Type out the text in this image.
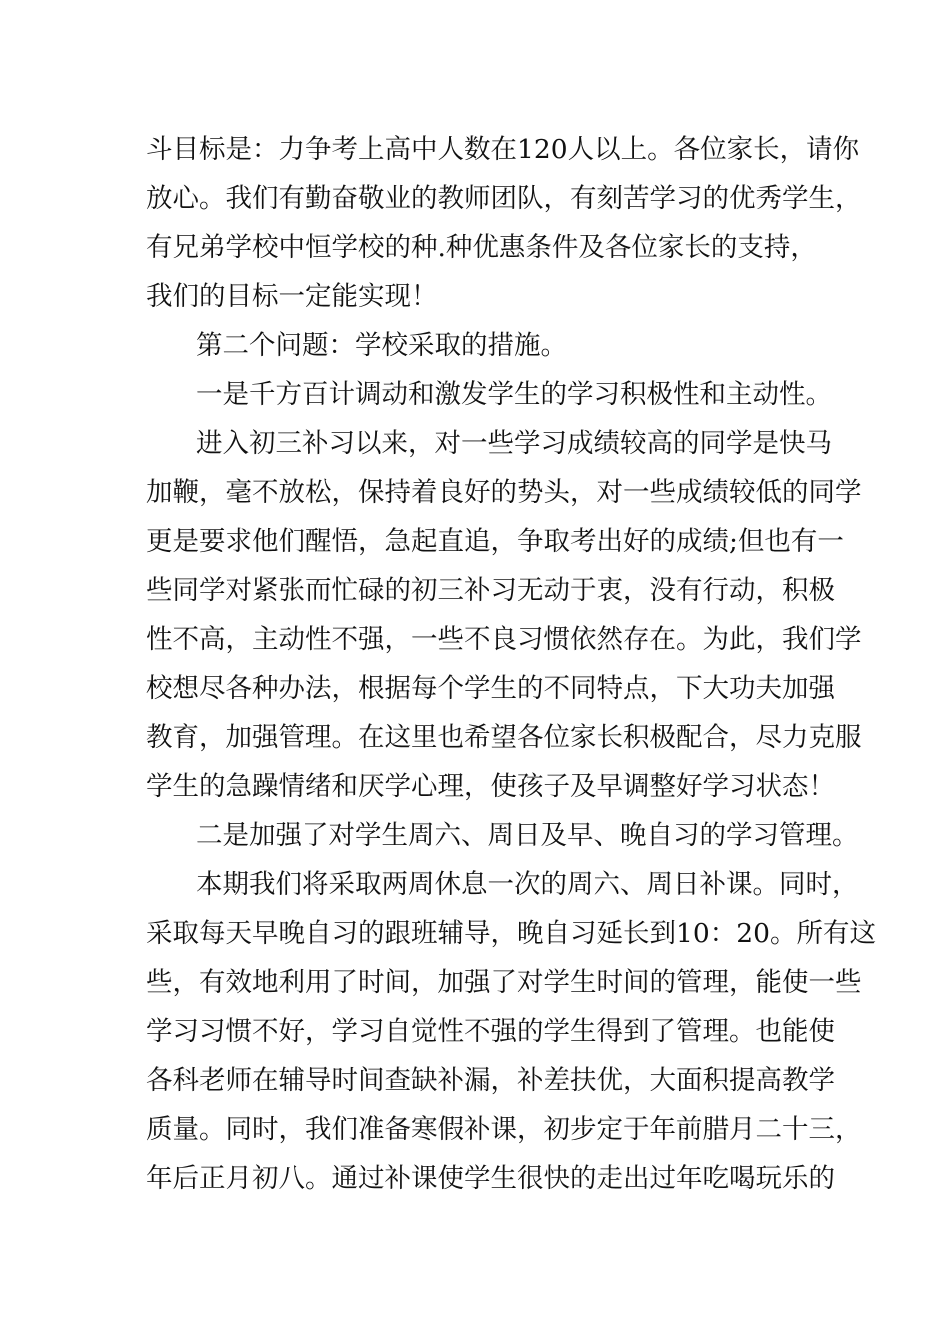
斗目标是：力争考上高中人数在120人以上。各位家长，请你
放心。我们有勤奋敬业的教师团队，有刻苦学习的优秀学生，
有兄弟学校中恒学校的种.种优惠条件及各位家长的支持，
我们的目标一定能实现！
第二个问题：学校采取的措施。
一是千方百计调动和激发学生的学习积极性和主动性。
进入初三补习以来，对一些学习成绩较高的同学是快马
加鞭，毫不放松，保持着良好的势头，对一些成绩较低的同学
更是要求他们醒悟，急起直追，争取考出好的成绩;但也有一
些同学对紧张而忙碌的初三补习无动于衷，没有行动，积极
性不高，主动性不强，一些不良习惯依然存在。为此，我们学
校想尽各种办法，根据每个学生的不同特点，下大功夫加强
教育，加强管理。在这里也希望各位家长积极配合，尽力克服
学生的急躁情绪和厌学心理，使孩子及早调整好学习状态！
二是加强了对学生周六、周日及早、晚自习的学习管理。
本期我们将采取两周休息一次的周六、周日补课。同时，
采取每天早晚自习的跟班辅导，晚自习延长到10：20。所有这
些，有效地利用了时间，加强了对学生时间的管理，能使一些
学习习惯不好，学习自觉性不强的学生得到了管理。也能使
各科老师在辅导时间查缺补漏，补差扶优，大面积提高教学
质量。同时，我们准备寒假补课，初步定于年前腊月二十三，
年后正月初八。通过补课使学生很快的走出过年吃喝玩乐的
